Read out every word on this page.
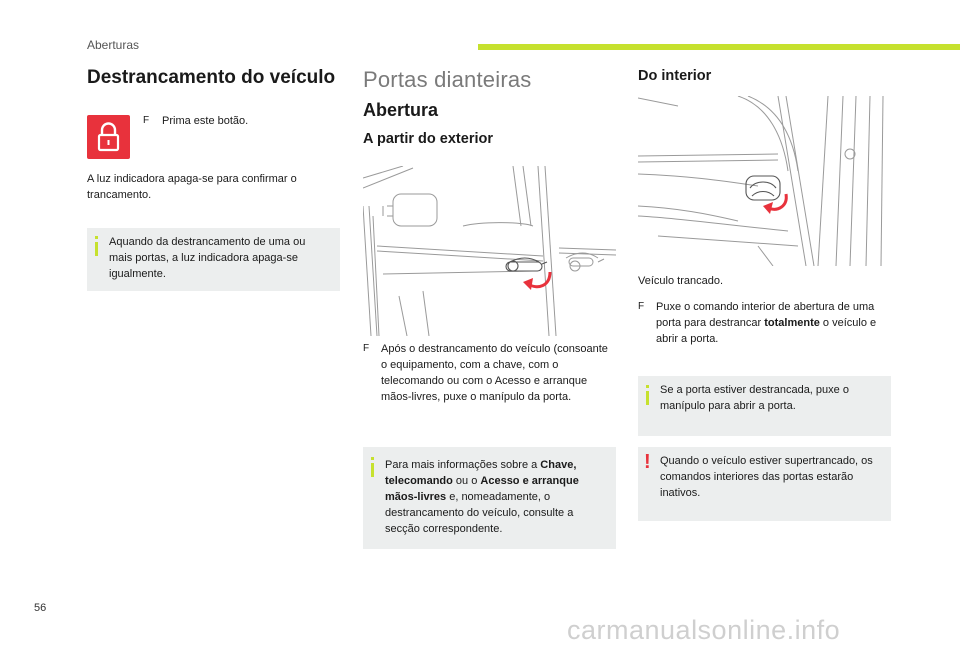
Aberturas
Destrancamento do veículo
F Prima este botão.
A luz indicadora apaga-se para confirmar o trancamento.
Aquando da destrancamento de uma ou mais portas, a luz indicadora apaga-se igualmente.
Portas dianteiras
Abertura
A partir do exterior
F Após o destrancamento do veículo (consoante o equipamento, com a chave, com o telecomando ou com o Acesso e arranque mãos-livres, puxe o manípulo da porta.
Para mais informações sobre a Chave, telecomando ou o Acesso e arranque mãos-livres e, nomeadamente, o destrancamento do veículo, consulte a secção correspondente.
Do interior
Veículo trancado.
F Puxe o comando interior de abertura de uma porta para destrancar totalmente o veículo e abrir a porta.
Se a porta estiver destrancada, puxe o manípulo para abrir a porta.
! Quando o veículo estiver supertrancado, os comandos interiores das portas estarão inativos.
56
carmanualsonline.info
